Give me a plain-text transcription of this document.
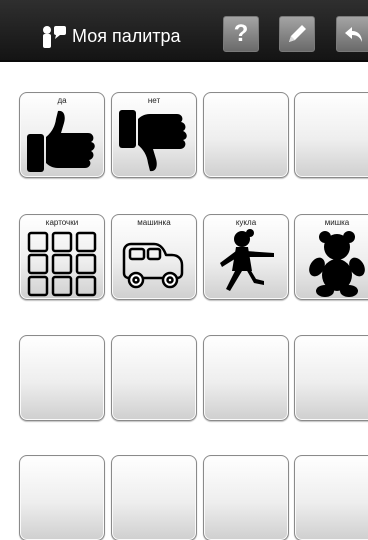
Моя палитра ?
да	нет
карточки	машинка	кукла	мишка
